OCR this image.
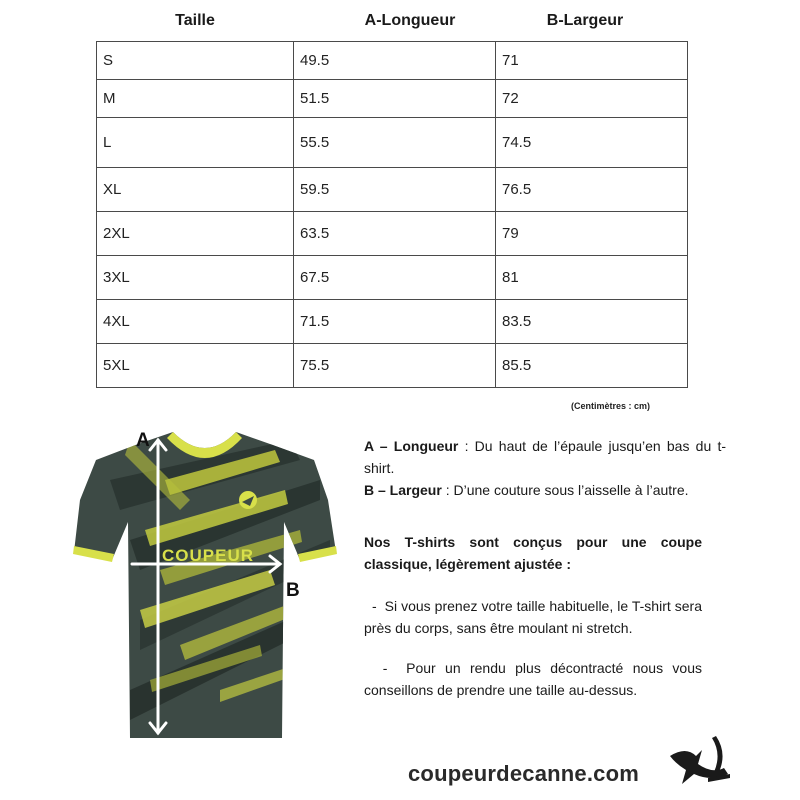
Taille	A-Longueur	B-Largeur
S	49.5	71
M	51.5	72
L	55.5	74.5
XL	59.5	76.5
2XL	63.5	79
3XL	67.5	81
4XL	71.5	83.5
5XL	75.5	85.5
(Centimètres : cm)
COUPEUR
A
B
A – Longueur : Du haut de l’épaule jusqu’en bas du t-shirt.
B – Largeur : D’une couture sous l’aisselle à l’autre.
Nos T-shirts sont conçus pour une coupe classique, légèrement ajustée :
-  Si vous prenez votre taille habituelle, le T-shirt sera près du corps, sans être moulant ni stretch.
-  Pour un rendu plus décontracté nous vous conseillons de prendre une taille au-dessus.
coupeurdecanne.com
